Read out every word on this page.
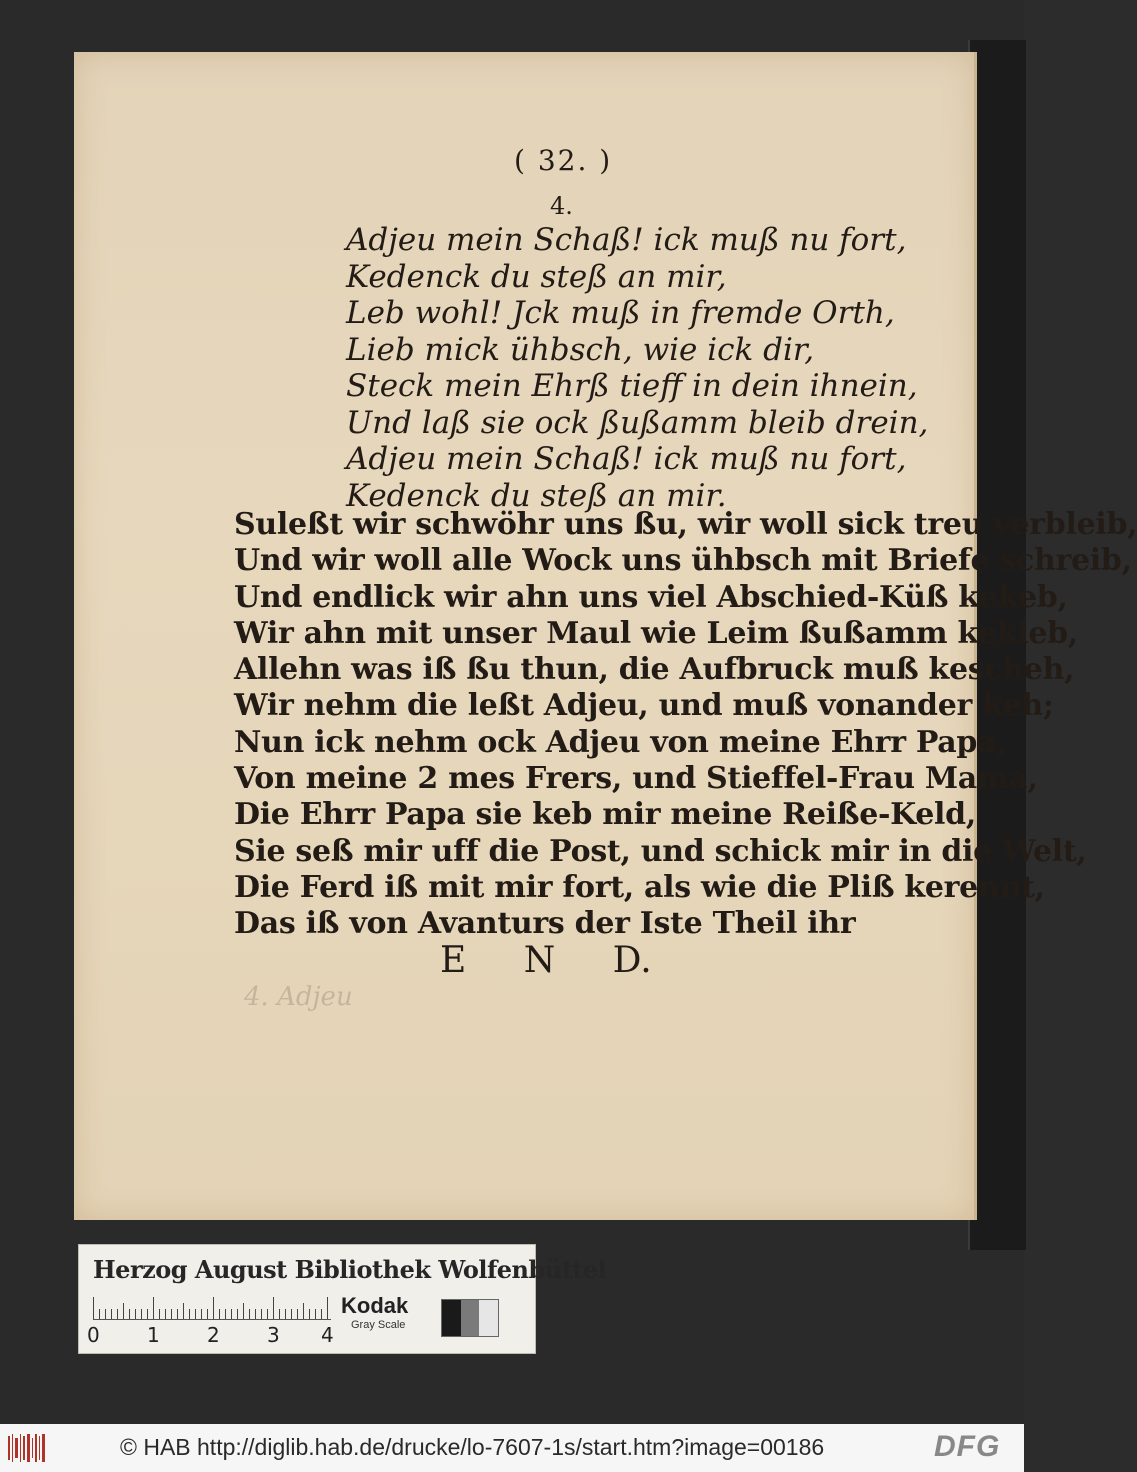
( 32. )
4.
Adjeu mein Schaß! ick muß nu fort,
Kedenck du steß an mir,
Leb wohl! Jck muß in fremde Orth,
Lieb mick ühbsch, wie ick dir,
Steck mein Ehrß tieff in dein ihnein,
Und laß sie ock ßußamm bleib drein,
Adjeu mein Schaß! ick muß nu fort,
Kedenck du steß an mir.
Suleßt wir schwöhr uns ßu, wir woll sick treu verbleib,
Und wir woll alle Wock uns ühbsch mit Briefe schreib,
Und endlick wir ahn uns viel Abschied-Küß kekeb,
Wir ahn mit unser Maul wie Leim ßußamm kekleb,
Allehn was iß ßu thun, die Aufbruck muß kescheh,
Wir nehm die leßt Adjeu, und muß vonander keh;
Nun ick nehm ock Adjeu von meine Ehrr Papa,
Von meine 2 mes Frers, und Stieffel-Frau Mama,
Die Ehrr Papa sie keb mir meine Reiße-Keld,
Sie seß mir uff die Post, und schick mir in die Welt,
Die Ferd iß mit mir fort, als wie die Pliß kerennt,
Das iß von Avanturs der Iste Theil ihr
E N D.
4. Adjeu
Herzog August Bibliothek Wolfenbüttel
0 1 2 3 4
Kodak
Gray Scale
© HAB http://diglib.hab.de/drucke/lo-7607-1s/start.htm?image=00186	DFG
